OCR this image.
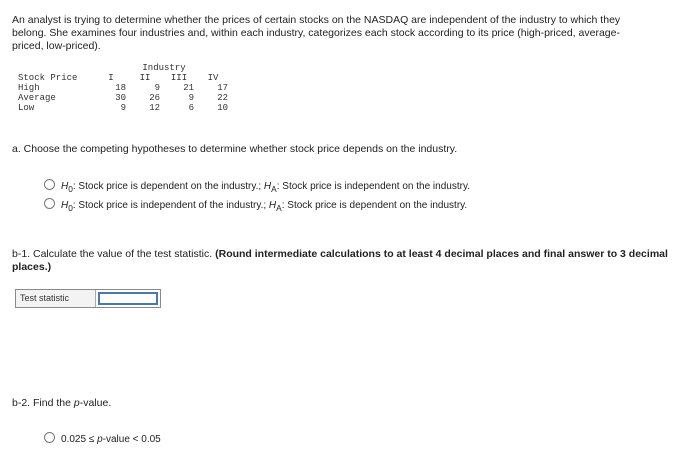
An analyst is trying to determine whether the prices of certain stocks on the NASDAQ are independent of the industry to which they
belong. She examines four industries and, within each industry, categorizes each stock according to its price (high-priced, average-
priced, low-priced).
		Industry		
Stock Price	I	II	III	IV
High	18	9	21	17
Average	30	26	9	22
Low	9	12	6	10
a. Choose the competing hypotheses to determine whether stock price depends on the industry.
$H_0$: Stock price is dependent on the industry.; $H_A$: Stock price is independent on the industry.
$H_0$: Stock price is independent of the industry.; $H_A$: Stock price is dependent on the industry.
b-1. Calculate the value of the test statistic. (Round intermediate calculations to at least 4 decimal places and final answer to 3 decimal places.)
Test statistic
b-2. Find the p-value.
0.025 ≤ p-value < 0.05
